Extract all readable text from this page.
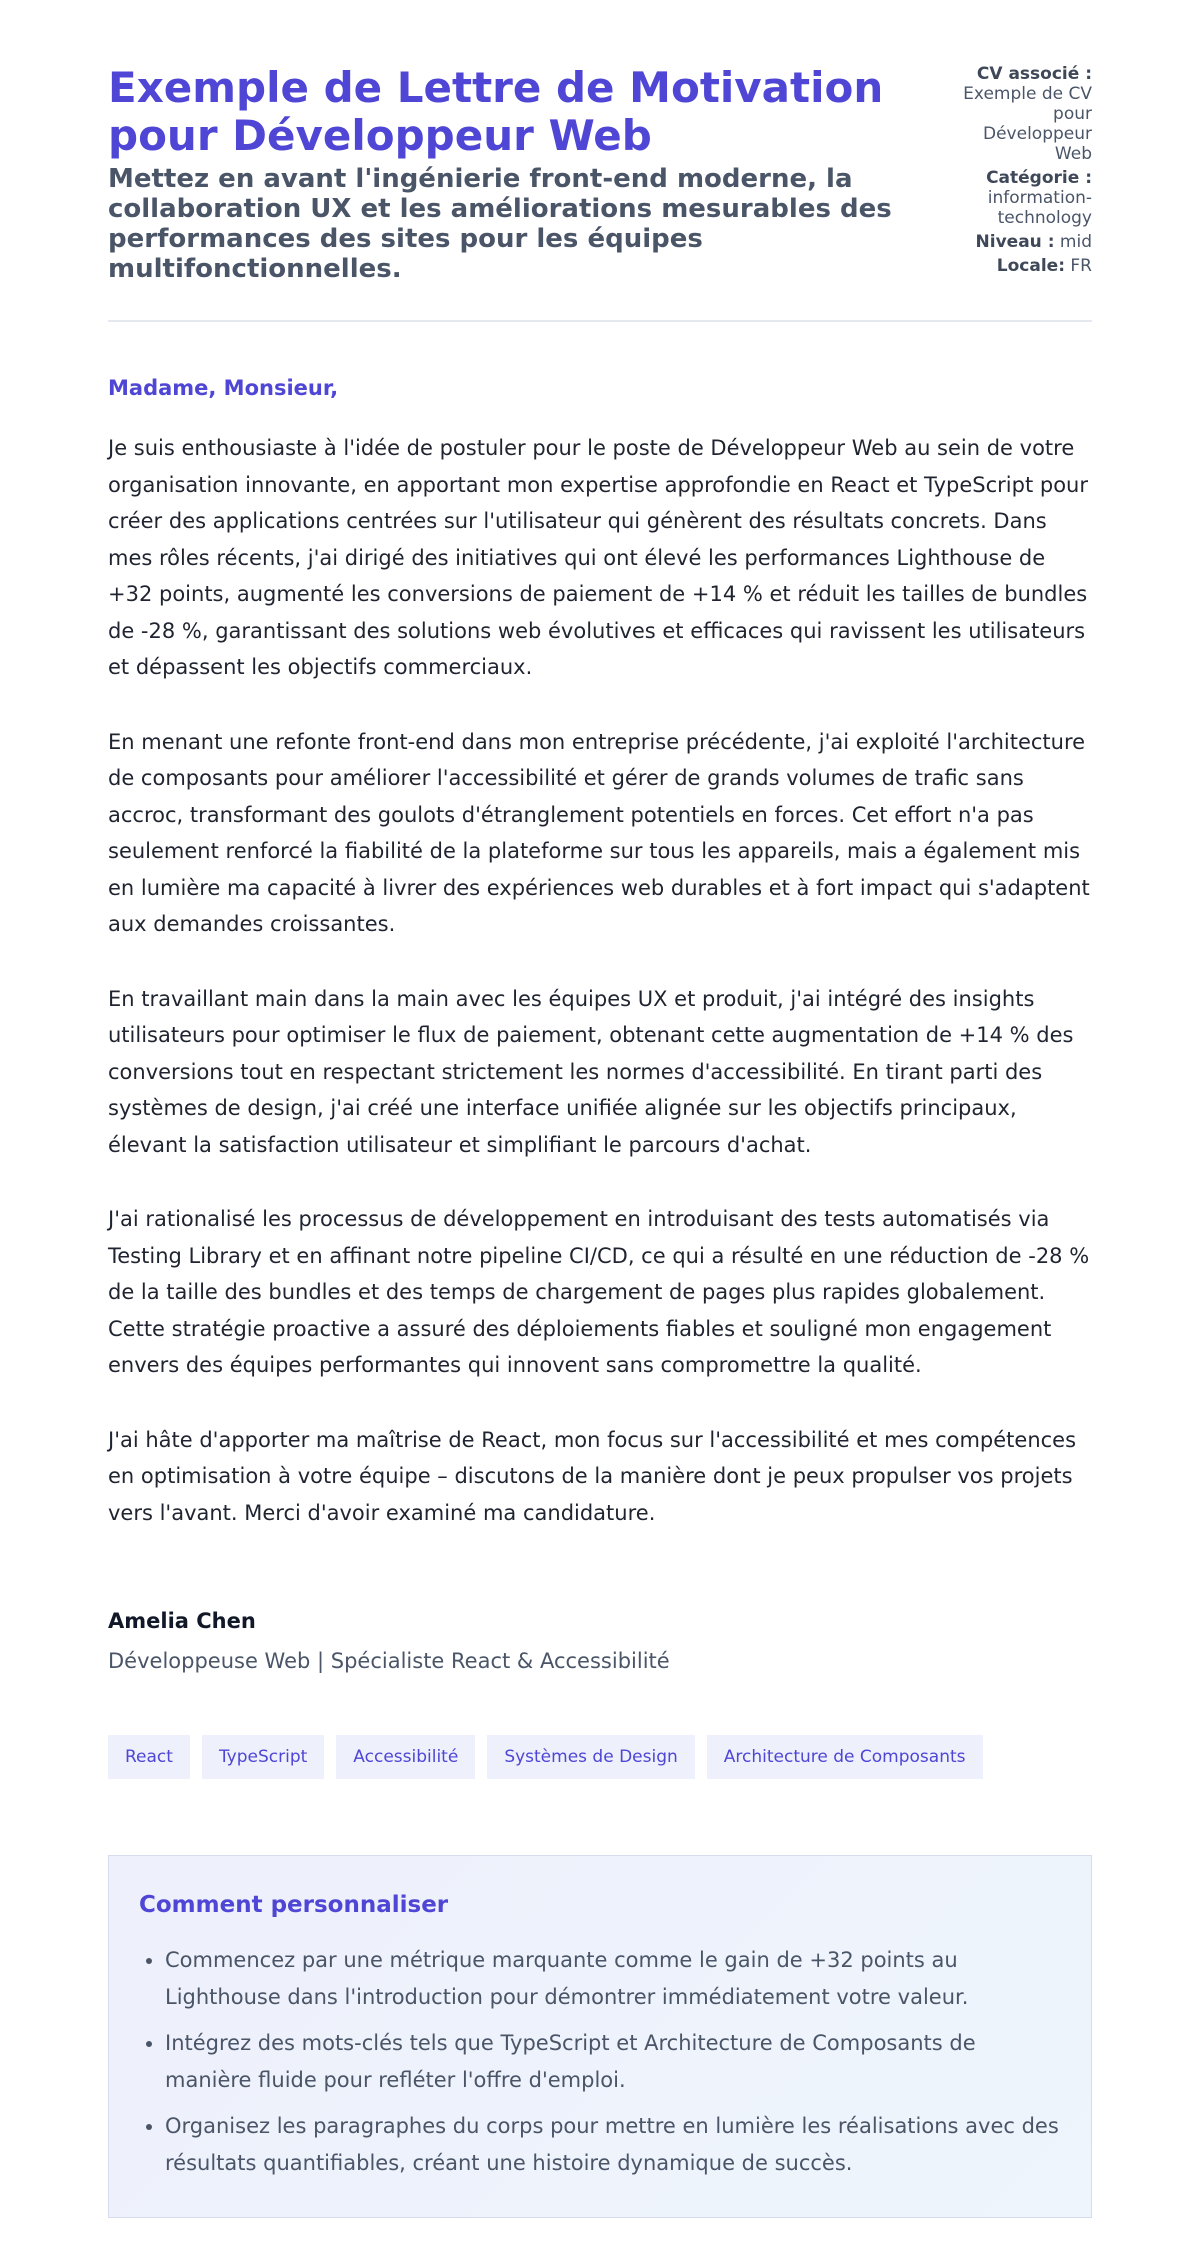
Exemple de Lettre de Motivation pour Développeur Web
Mettez en avant l'ingénierie front-end moderne, la collaboration UX et les améliorations mesurables des performances des sites pour les équipes multifonctionnelles.
CV associé :
Exemple de CV pour Développeur Web
Catégorie :
information-technology
Niveau : mid
Locale: FR

Madame, Monsieur,

Je suis enthousiaste à l'idée de postuler pour le poste de Développeur Web au sein de votre organisation innovante, en apportant mon expertise approfondie en React et TypeScript pour créer des applications centrées sur l'utilisateur qui génèrent des résultats concrets. Dans mes rôles récents, j'ai dirigé des initiatives qui ont élevé les performances Lighthouse de +32 points, augmenté les conversions de paiement de +14 % et réduit les tailles de bundles de -28 %, garantissant des solutions web évolutives et efficaces qui ravissent les utilisateurs et dépassent les objectifs commerciaux.

En menant une refonte front-end dans mon entreprise précédente, j'ai exploité l'architecture de composants pour améliorer l'accessibilité et gérer de grands volumes de trafic sans accroc, transformant des goulots d'étranglement potentiels en forces. Cet effort n'a pas seulement renforcé la fiabilité de la plateforme sur tous les appareils, mais a également mis en lumière ma capacité à livrer des expériences web durables et à fort impact qui s'adaptent aux demandes croissantes.

En travaillant main dans la main avec les équipes UX et produit, j'ai intégré des insights utilisateurs pour optimiser le flux de paiement, obtenant cette augmentation de +14 % des conversions tout en respectant strictement les normes d'accessibilité. En tirant parti des systèmes de design, j'ai créé une interface unifiée alignée sur les objectifs principaux, élevant la satisfaction utilisateur et simplifiant le parcours d'achat.

J'ai rationalisé les processus de développement en introduisant des tests automatisés via Testing Library et en affinant notre pipeline CI/CD, ce qui a résulté en une réduction de -28 % de la taille des bundles et des temps de chargement de pages plus rapides globalement. Cette stratégie proactive a assuré des déploiements fiables et souligné mon engagement envers des équipes performantes qui innovent sans compromettre la qualité.

J'ai hâte d'apporter ma maîtrise de React, mon focus sur l'accessibilité et mes compétences en optimisation à votre équipe – discutons de la manière dont je peux propulser vos projets vers l'avant. Merci d'avoir examiné ma candidature.

Amelia Chen
Développeuse Web | Spécialiste React & Accessibilité
React	TypeScript	Accessibilité	Systèmes de Design	Architecture de Composants
Comment personnaliser
• Commencez par une métrique marquante comme le gain de +32 points au Lighthouse dans l'introduction pour démontrer immédiatement votre valeur.
• Intégrez des mots-clés tels que TypeScript et Architecture de Composants de manière fluide pour refléter l'offre d'emploi.
• Organisez les paragraphes du corps pour mettre en lumière les réalisations avec des résultats quantifiables, créant une histoire dynamique de succès.
